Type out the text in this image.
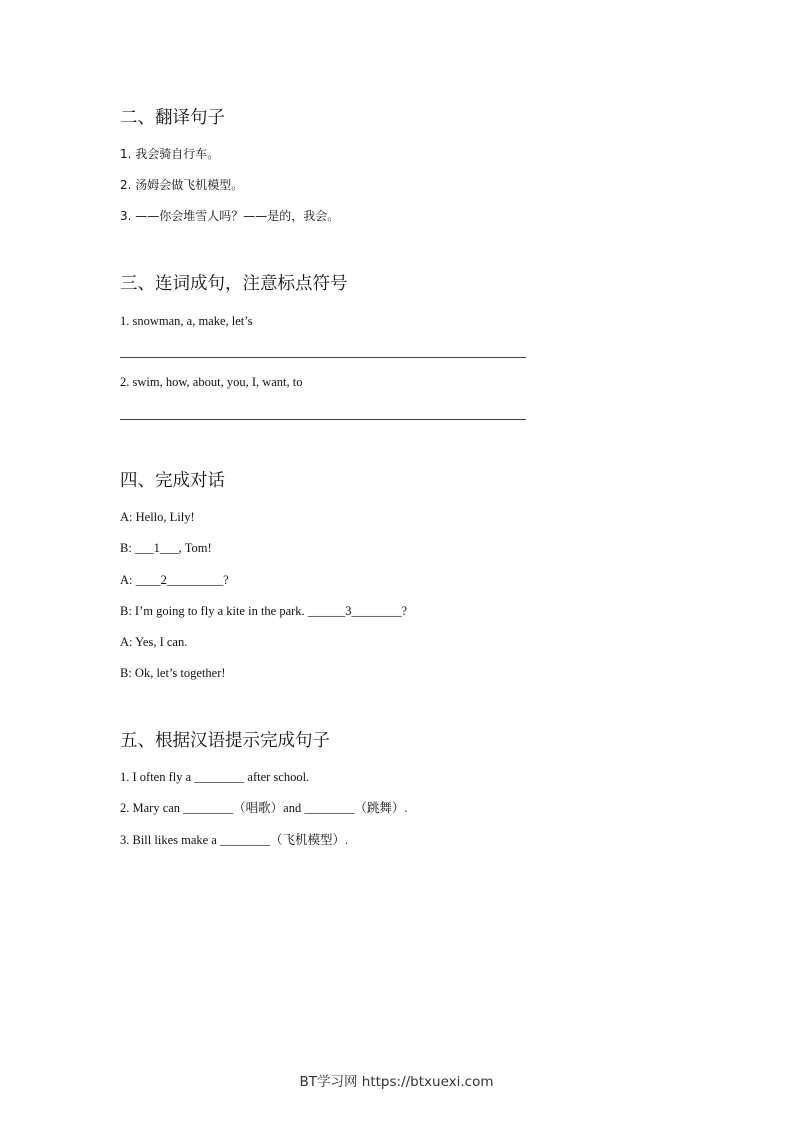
二、翻译句子
1. 我会骑自行车。
2. 汤姆会做飞机模型。
3. ——你会堆雪人吗？——是的，我会。
三、连词成句，注意标点符号
1. snowman, a, make, let’s
2. swim, how, about, you, I, want, to
四、完成对话
A: Hello, Lily!
B: ___1___, Tom!
A: ____2_________?
B: I’m going to fly a kite in the park. ______3________?
A: Yes, I can.
B: Ok, let’s together!
五、根据汉语提示完成句子
1. I often fly a ________ after school.
2. Mary can ________（唱歌）and ________（跳舞）.
3. Bill likes make a ________（飞机模型）.
BT学习网 https://btxuexi.com
